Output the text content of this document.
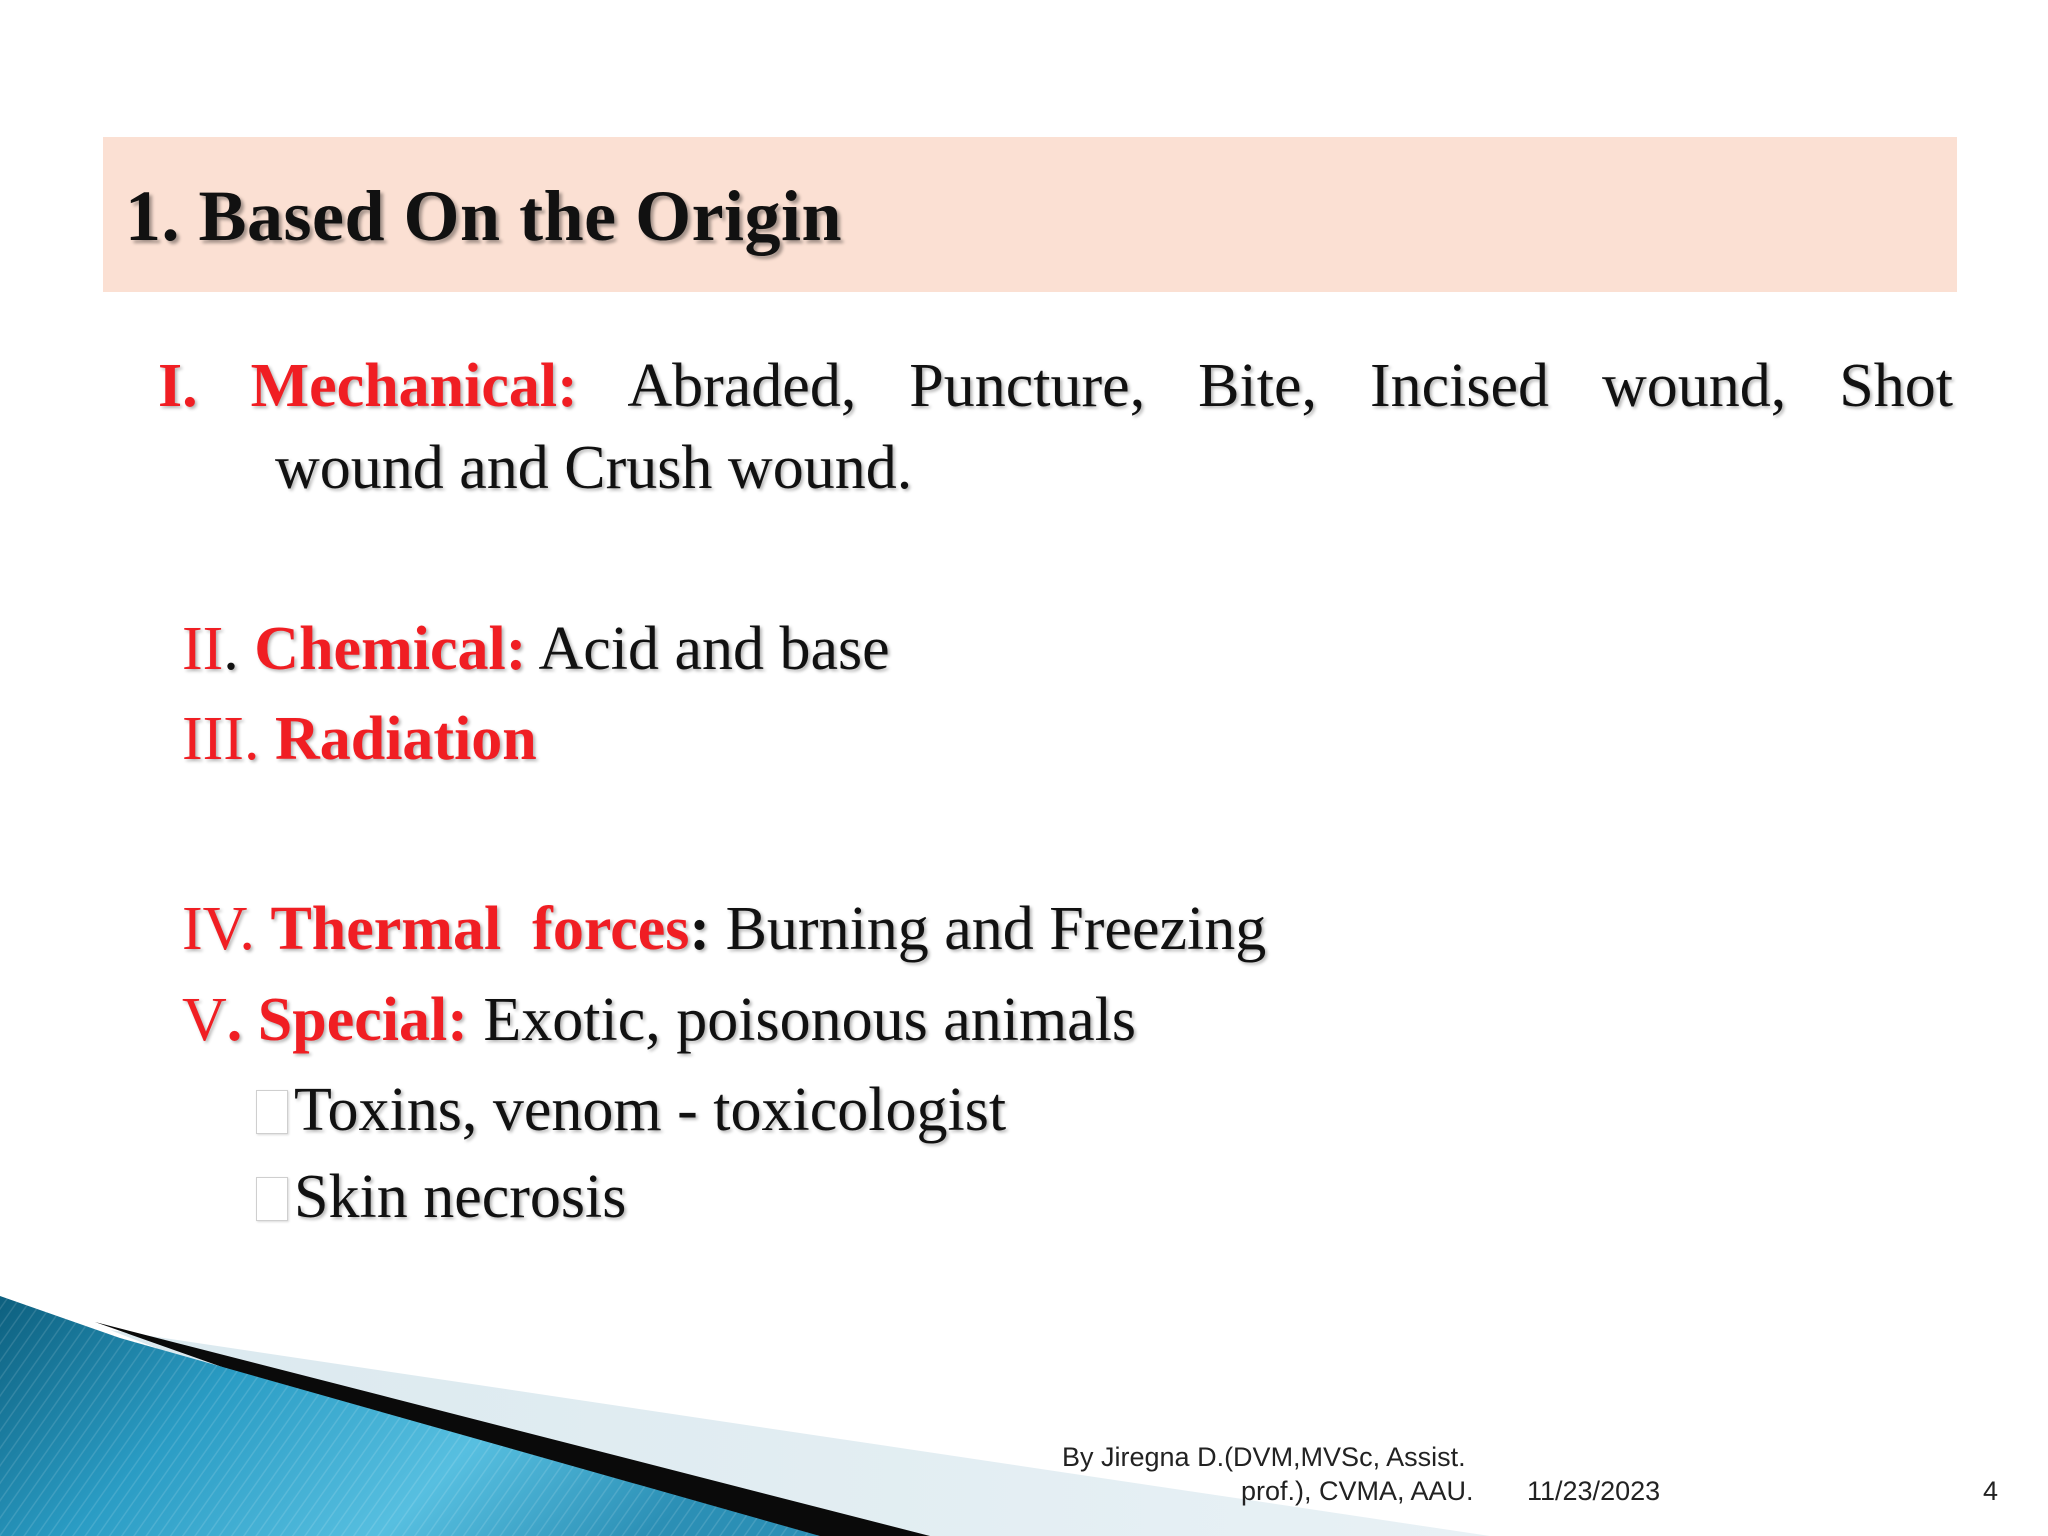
1. Based On the Origin

I. Mechanical: Abraded, Puncture, Bite, Incised wound, Shot

wound and Crush wound.

II. Chemical: Acid and base

III. Radiation

IV. Thermal  forces: Burning and Freezing

V. Special: Exotic, poisonous animals

Toxins, venom - toxicologist

Skin necrosis

By Jiregna D.(DVM,MVSc, Assist.
prof.), CVMA, AAU. 11/23/2023	4
